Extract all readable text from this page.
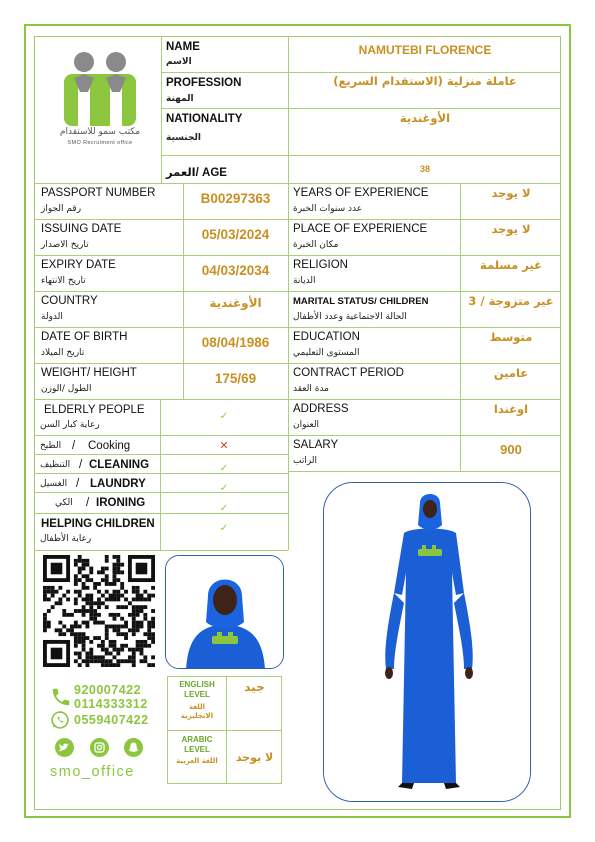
مكتب سمو للاستقدام
SMO Recruiment office
NAME
الاسم
NAMUTEBI FLORENCE
PROFESSION
المهنة
عاملة منزلية (الاستقدام السريع)
NATIONALITY
الجنسية
الأوغندية
العمر/ AGE	38
PASSPORT NUMBER
رقم الجواز
B00297363
ISSUING DATE
تاريخ الاصدار
05/03/2024
EXPIRY DATE
تاريخ الانتهاء
04/03/2034
COUNTRY
الدولة
الأوغندية
DATE OF BIRTH
تاريخ الميلاد
08/04/1986
WEIGHT/ HEIGHT
الطول /الوزن
175/69
YEARS OF EXPERIENCE
عدد سنوات الخبرة
لا يوجد
PLACE OF EXPERIENCE
مكان الخبرة
لا يوجد
RELIGION
الديانة
غير مسلمة
MARITAL STATUS/ CHILDREN
الحالة الاجتماعية وعدد الأطفال
غير متزوجة / 3
EDUCATION
المستوى التعليمي
متوسط
CONTRACT PERIOD
مدة العقد
عامين
ADDRESS
العنوان
اوغندا
SALARY
الراتب
900
ELDERLY PEOPLE
رعاية كبار السن
✓
الطبخ / Cooking	✕
التنظيف / CLEANING	✓
الغسيل / LAUNDRY	✓
الكي / IRONING	✓
HELPING CHILDREN
رعاية الأطفال
✓
920007422
0114333312
0559407422
smo_office
ENGLISH
LEVEL
اللغة
الانجليزية
جيد
ARABIC
LEVEL
اللغة العربية	لا يوجد
